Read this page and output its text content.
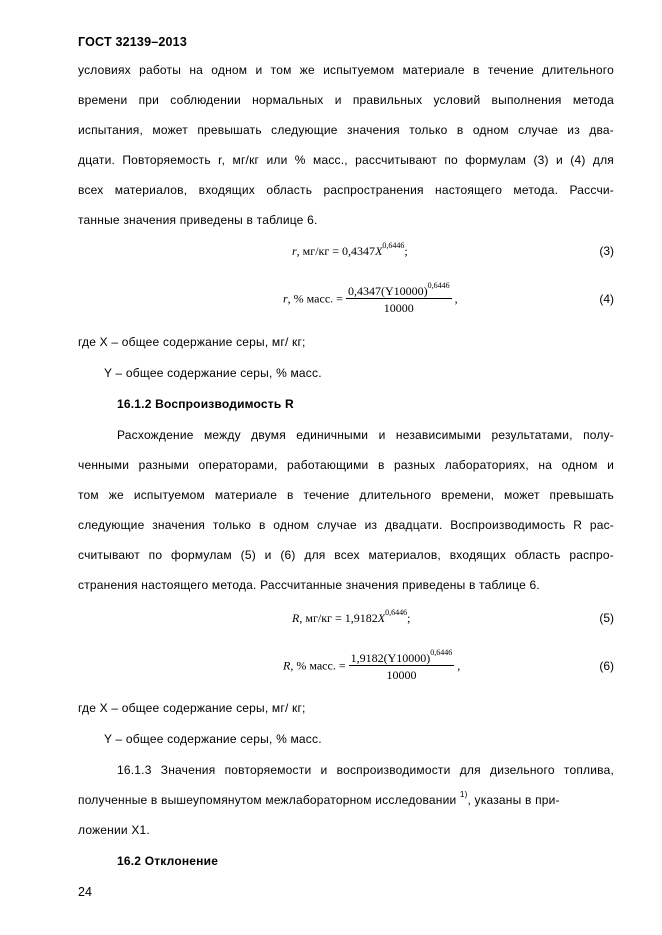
ГОСТ 32139–2013
условиях работы на одном и том же испытуемом материале в течение длительного
времени при соблюдении нормальных и правильных условий выполнения метода
испытания, может превышать следующие значения только в одном случае из два-
дцати. Повторяемость r, мг/кг или % масс., рассчитывают по формулам (3) и (4) для
всех материалов, входящих область распространения настоящего метода. Рассчи-
танные значения приведены в таблице 6.
r, $мг/кг = 0,4347X^{0,6446}$;	(3)
r, % масс. = $\frac{0,4347(Y10000)^{0,6446}}{10000}$ ,	(4)
где X – общее содержание серы, мг/ кг;
Y – общее содержание серы, % масс.
16.1.2 Воспроизводимость R
Расхождение между двумя единичными и независимыми результатами, полу-
ченными разными операторами, работающими в разных лабораториях, на одном и
том же испытуемом материале в течение длительного времени, может превышать
следующие значения только в одном случае из двадцати. Воспроизводимость R рас-
считывают по формулам (5) и (6) для всех материалов, входящих область распро-
странения настоящего метода. Рассчитанные значения приведены в таблице 6.
R, $мг/кг = 1,9182X^{0,6446}$;	(5)
R, % масс. = $\frac{1,9182(Y10000)^{0,6446}}{10000}$ ,	(6)
где X – общее содержание серы, мг/ кг;
Y – общее содержание серы, % масс.
16.1.3 Значения повторяемости и воспроизводимости для дизельного топлива,
полученные в вышеупомянутом межлабораторном исследовании $^{1)}$, указаны в при-
ложении X1.
16.2 Отклонение
24
